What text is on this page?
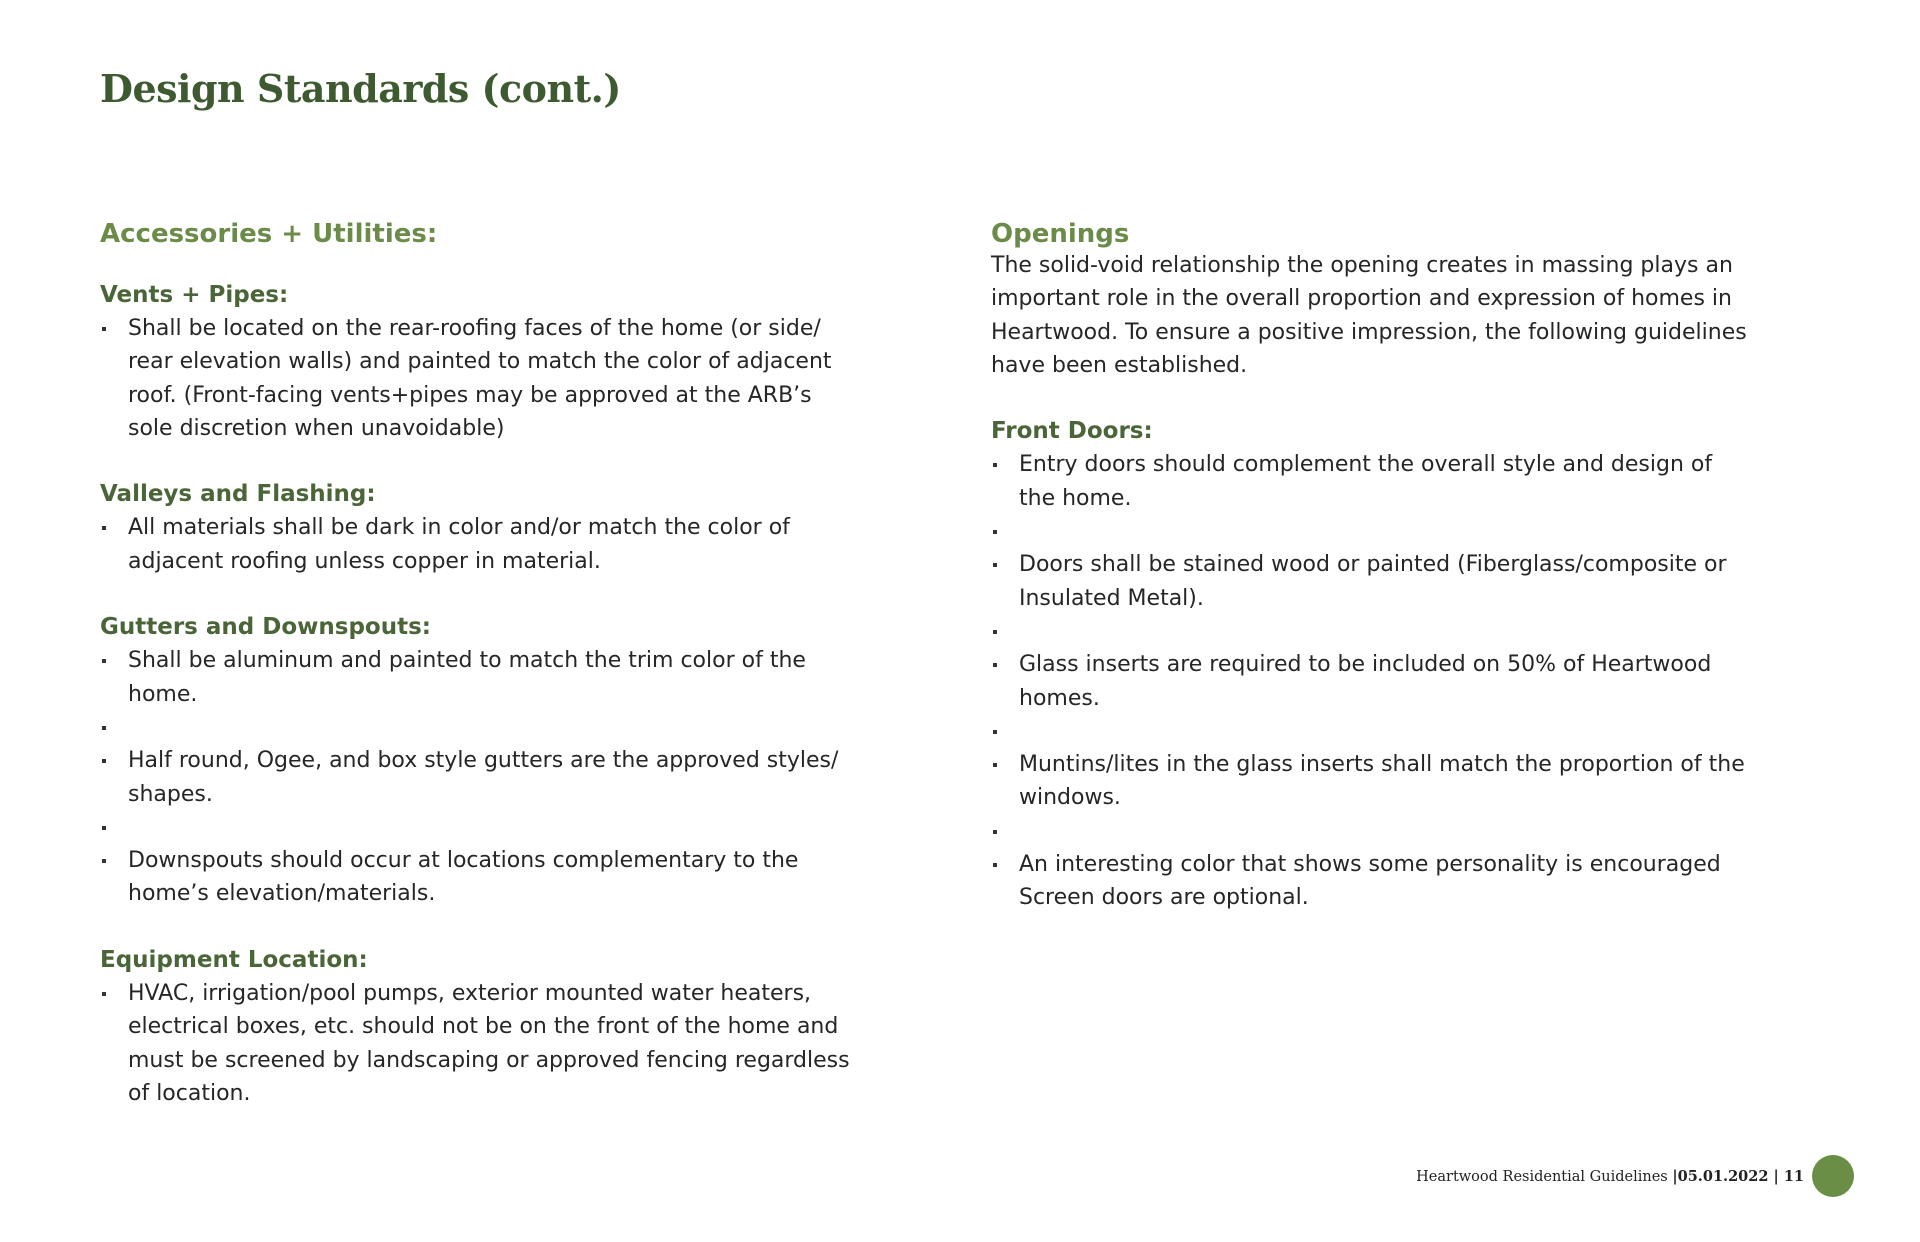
Design Standards (cont.)
Accessories + Utilities:
Vents + Pipes:
Shall be located on the rear-roofing faces of the home (or side/ rear elevation walls) and painted to match the color of adjacent roof. (Front-facing vents+pipes may be approved at the ARB’s sole discretion when unavoidable)
Valleys and Flashing:
All materials shall be dark in color and/or match the color of adjacent roofing unless copper in material.
Gutters and Downspouts:
Shall be aluminum and painted to match the trim color of the home.
Half round, Ogee, and box style gutters are the approved styles/ shapes.
Downspouts should occur at locations complementary to the home’s elevation/materials.
Equipment Location:
HVAC, irrigation/pool pumps, exterior mounted water heaters, electrical boxes, etc. should not be on the front of the home and must be screened by landscaping or approved fencing regardless of location.
Openings

The solid-void relationship the opening creates in massing plays an important role in the overall proportion and expression of homes in Heartwood. To ensure a positive impression, the following guidelines have been established.

Front Doors:
Entry doors should complement the overall style and design of the home.
Doors shall be stained wood or painted (Fiberglass/composite or Insulated Metal).
Glass inserts are required to be included on 50% of Heartwood homes.
Muntins/lites in the glass inserts shall match the proportion of the windows.
An interesting color that shows some personality is encouraged Screen doors are optional.
Heartwood Residential Guidelines |05.01.2022 | 11
